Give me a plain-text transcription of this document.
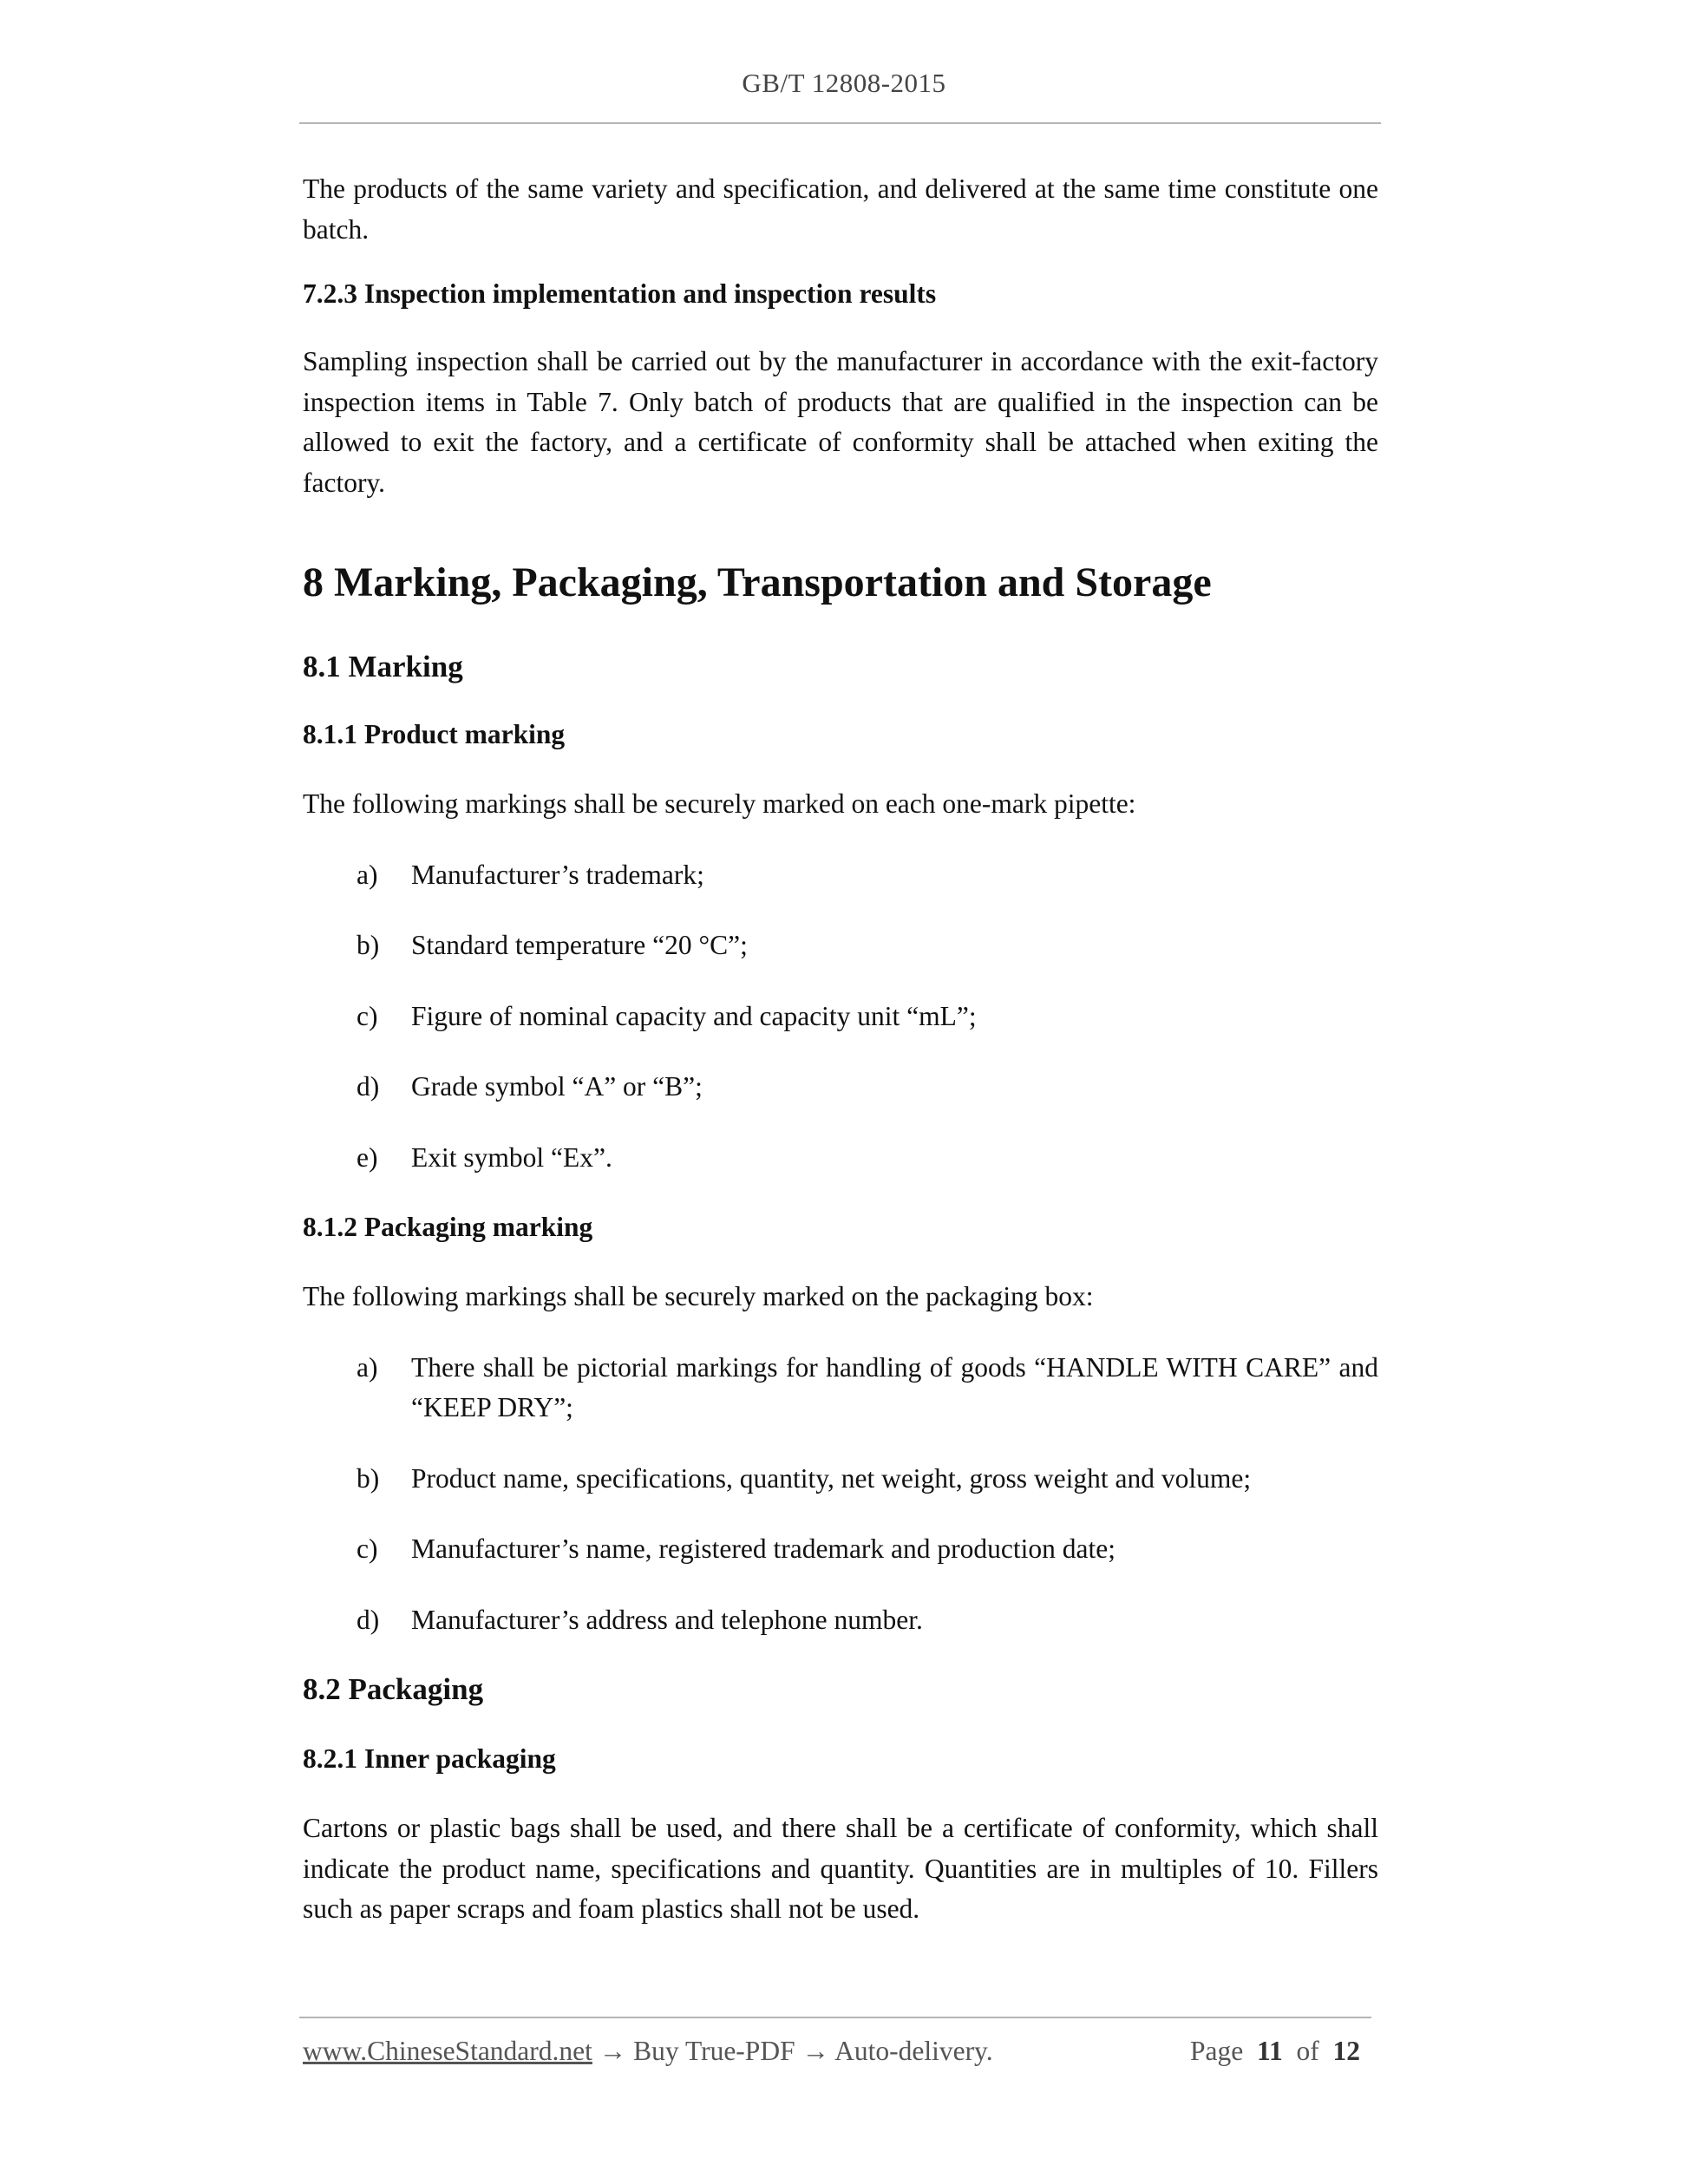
GB/T 12808-2015

The products of the same variety and specification, and delivered at the same time constitute one batch.

7.2.3 Inspection implementation and inspection results

Sampling inspection shall be carried out by the manufacturer in accordance with the exit-factory inspection items in Table 7. Only batch of products that are qualified in the inspection can be allowed to exit the factory, and a certificate of conformity shall be attached when exiting the factory.

8 Marking, Packaging, Transportation and Storage
8.1 Marking
8.1.1 Product marking

The following markings shall be securely marked on each one-mark pipette:

a)	Manufacturer’s trademark;
b)	Standard temperature “20 °C”;
c)	Figure of nominal capacity and capacity unit “mL”;
d)	Grade symbol “A” or “B”;
e)	Exit symbol “Ex”.
8.1.2 Packaging marking

The following markings shall be securely marked on the packaging box:

a)	There shall be pictorial markings for handling of goods “HANDLE WITH CARE” and “KEEP DRY”;
b)	Product name, specifications, quantity, net weight, gross weight and volume;
c)	Manufacturer’s name, registered trademark and production date;
d)	Manufacturer’s address and telephone number.
8.2 Packaging
8.2.1 Inner packaging

Cartons or plastic bags shall be used, and there shall be a certificate of conformity, which shall indicate the product name, specifications and quantity. Quantities are in multiples of 10. Fillers such as paper scraps and foam plastics shall not be used.

www.ChineseStandard.net → Buy True-PDF → Auto-delivery.	Page 11 of 12
